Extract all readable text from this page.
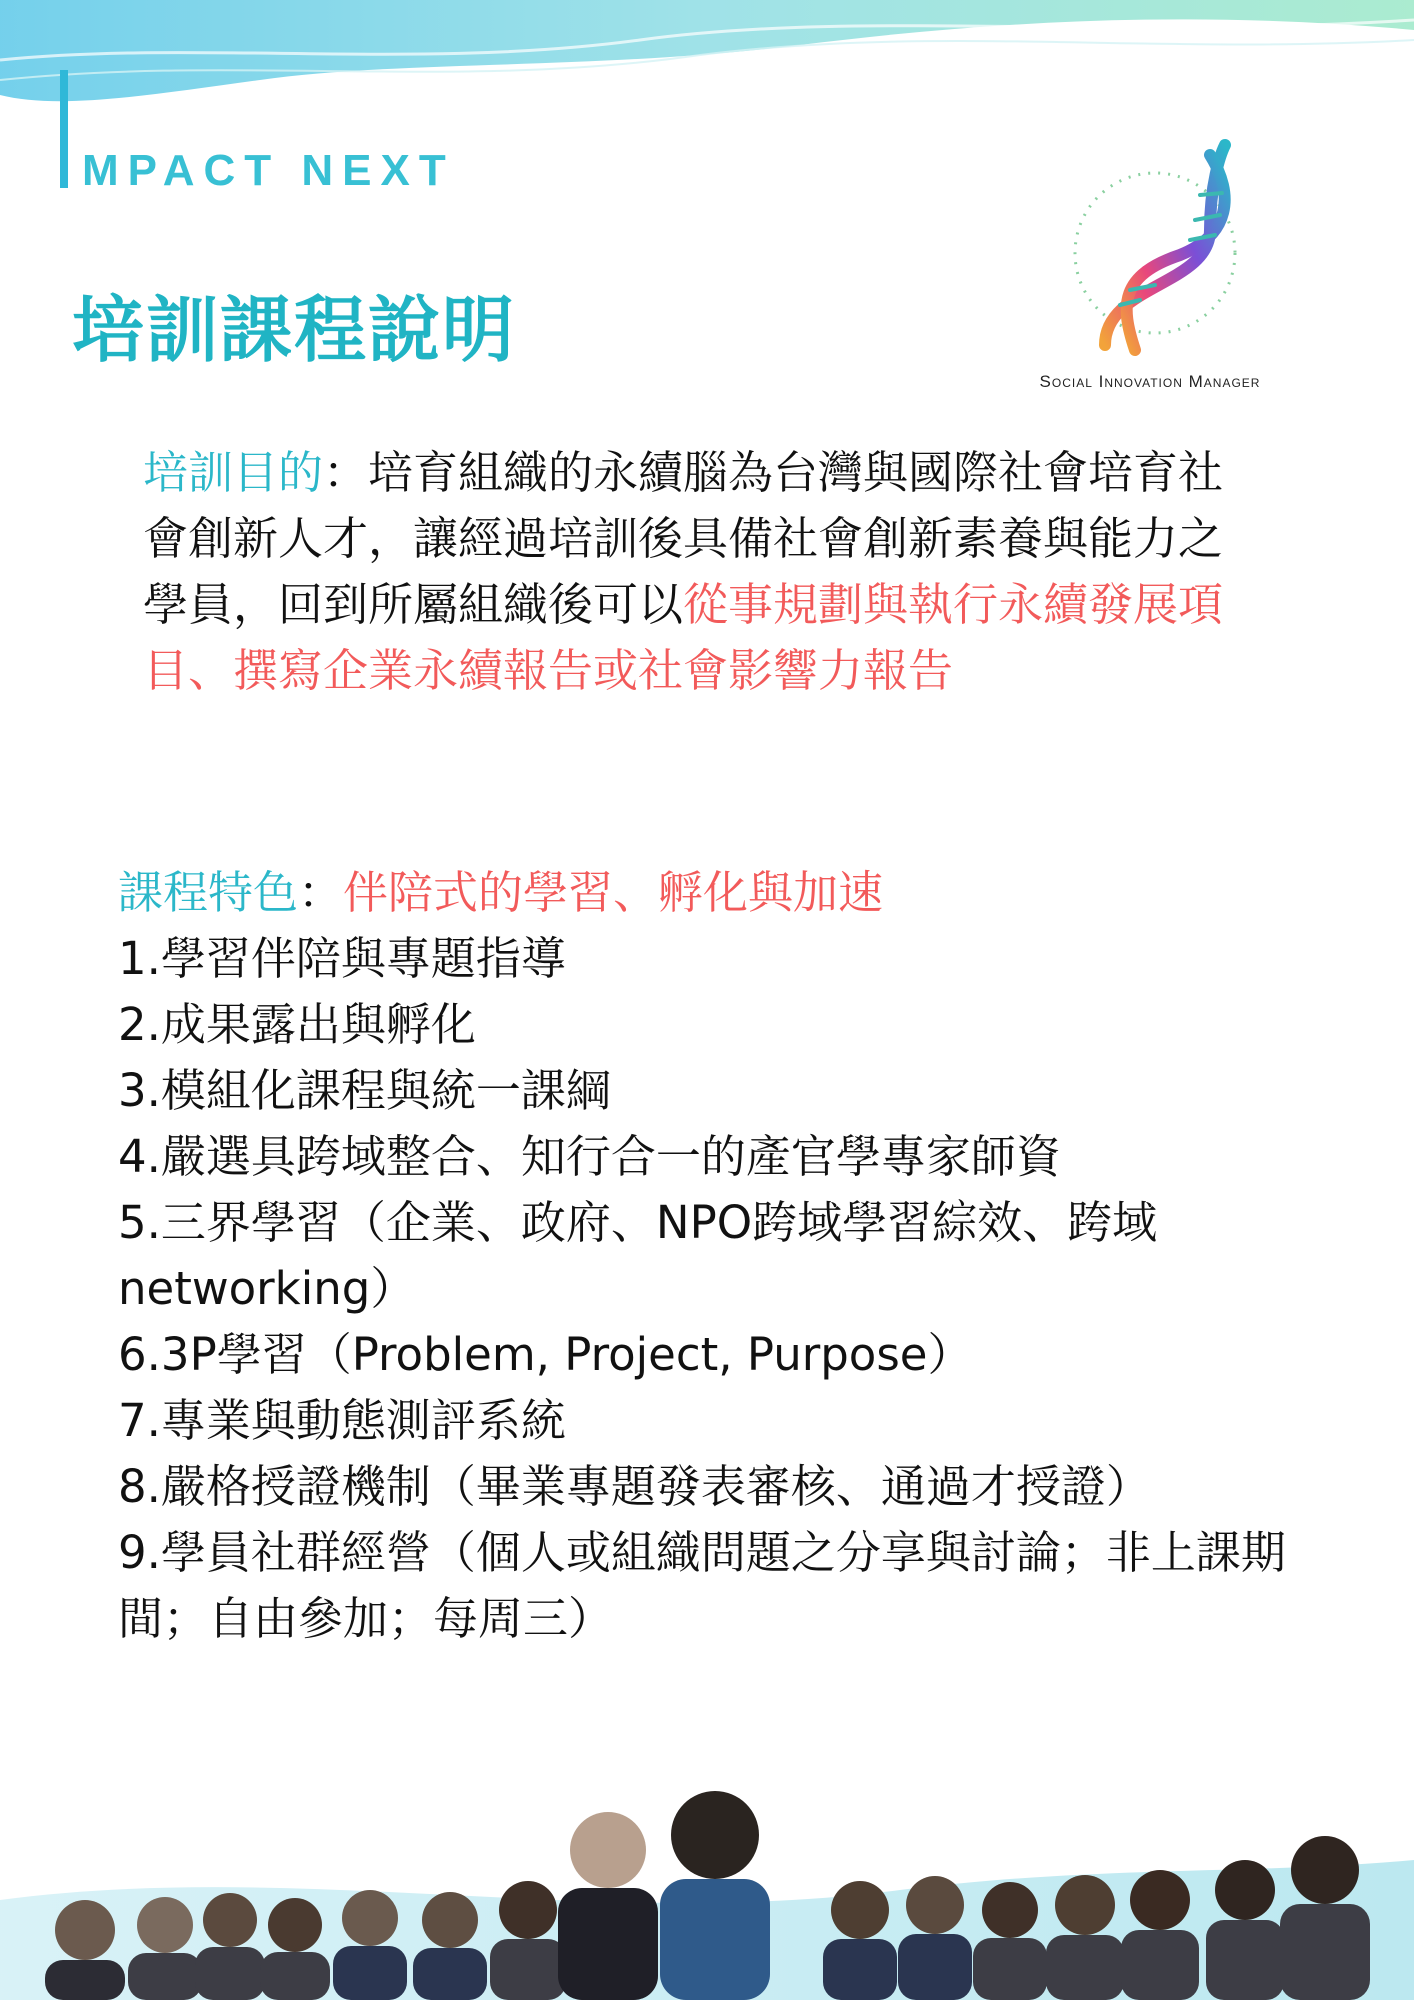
MPACT NEXT
培訓課程說明
Social Innovation Manager
培訓目的：培育組織的永續腦為台灣與國際社會培育社會創新人才，讓經過培訓後具備社會創新素養與能力之學員，回到所屬組織後可以從事規劃與執行永續發展項目、撰寫企業永續報告或社會影響力報告
課程特色：伴陪式的學習、孵化與加速
1.學習伴陪與專題指導
2.成果露出與孵化
3.模組化課程與統一課綱
4.嚴選具跨域整合、知行合一的產官學專家師資
5.三界學習（企業、政府、NPO跨域學習綜效、跨域networking）
6.3P學習（Problem, Project, Purpose）
7.專業與動態測評系統
8.嚴格授證機制（畢業專題發表審核、通過才授證）
9.學員社群經營（個人或組織問題之分享與討論；非上課期間；自由參加；每周三）
